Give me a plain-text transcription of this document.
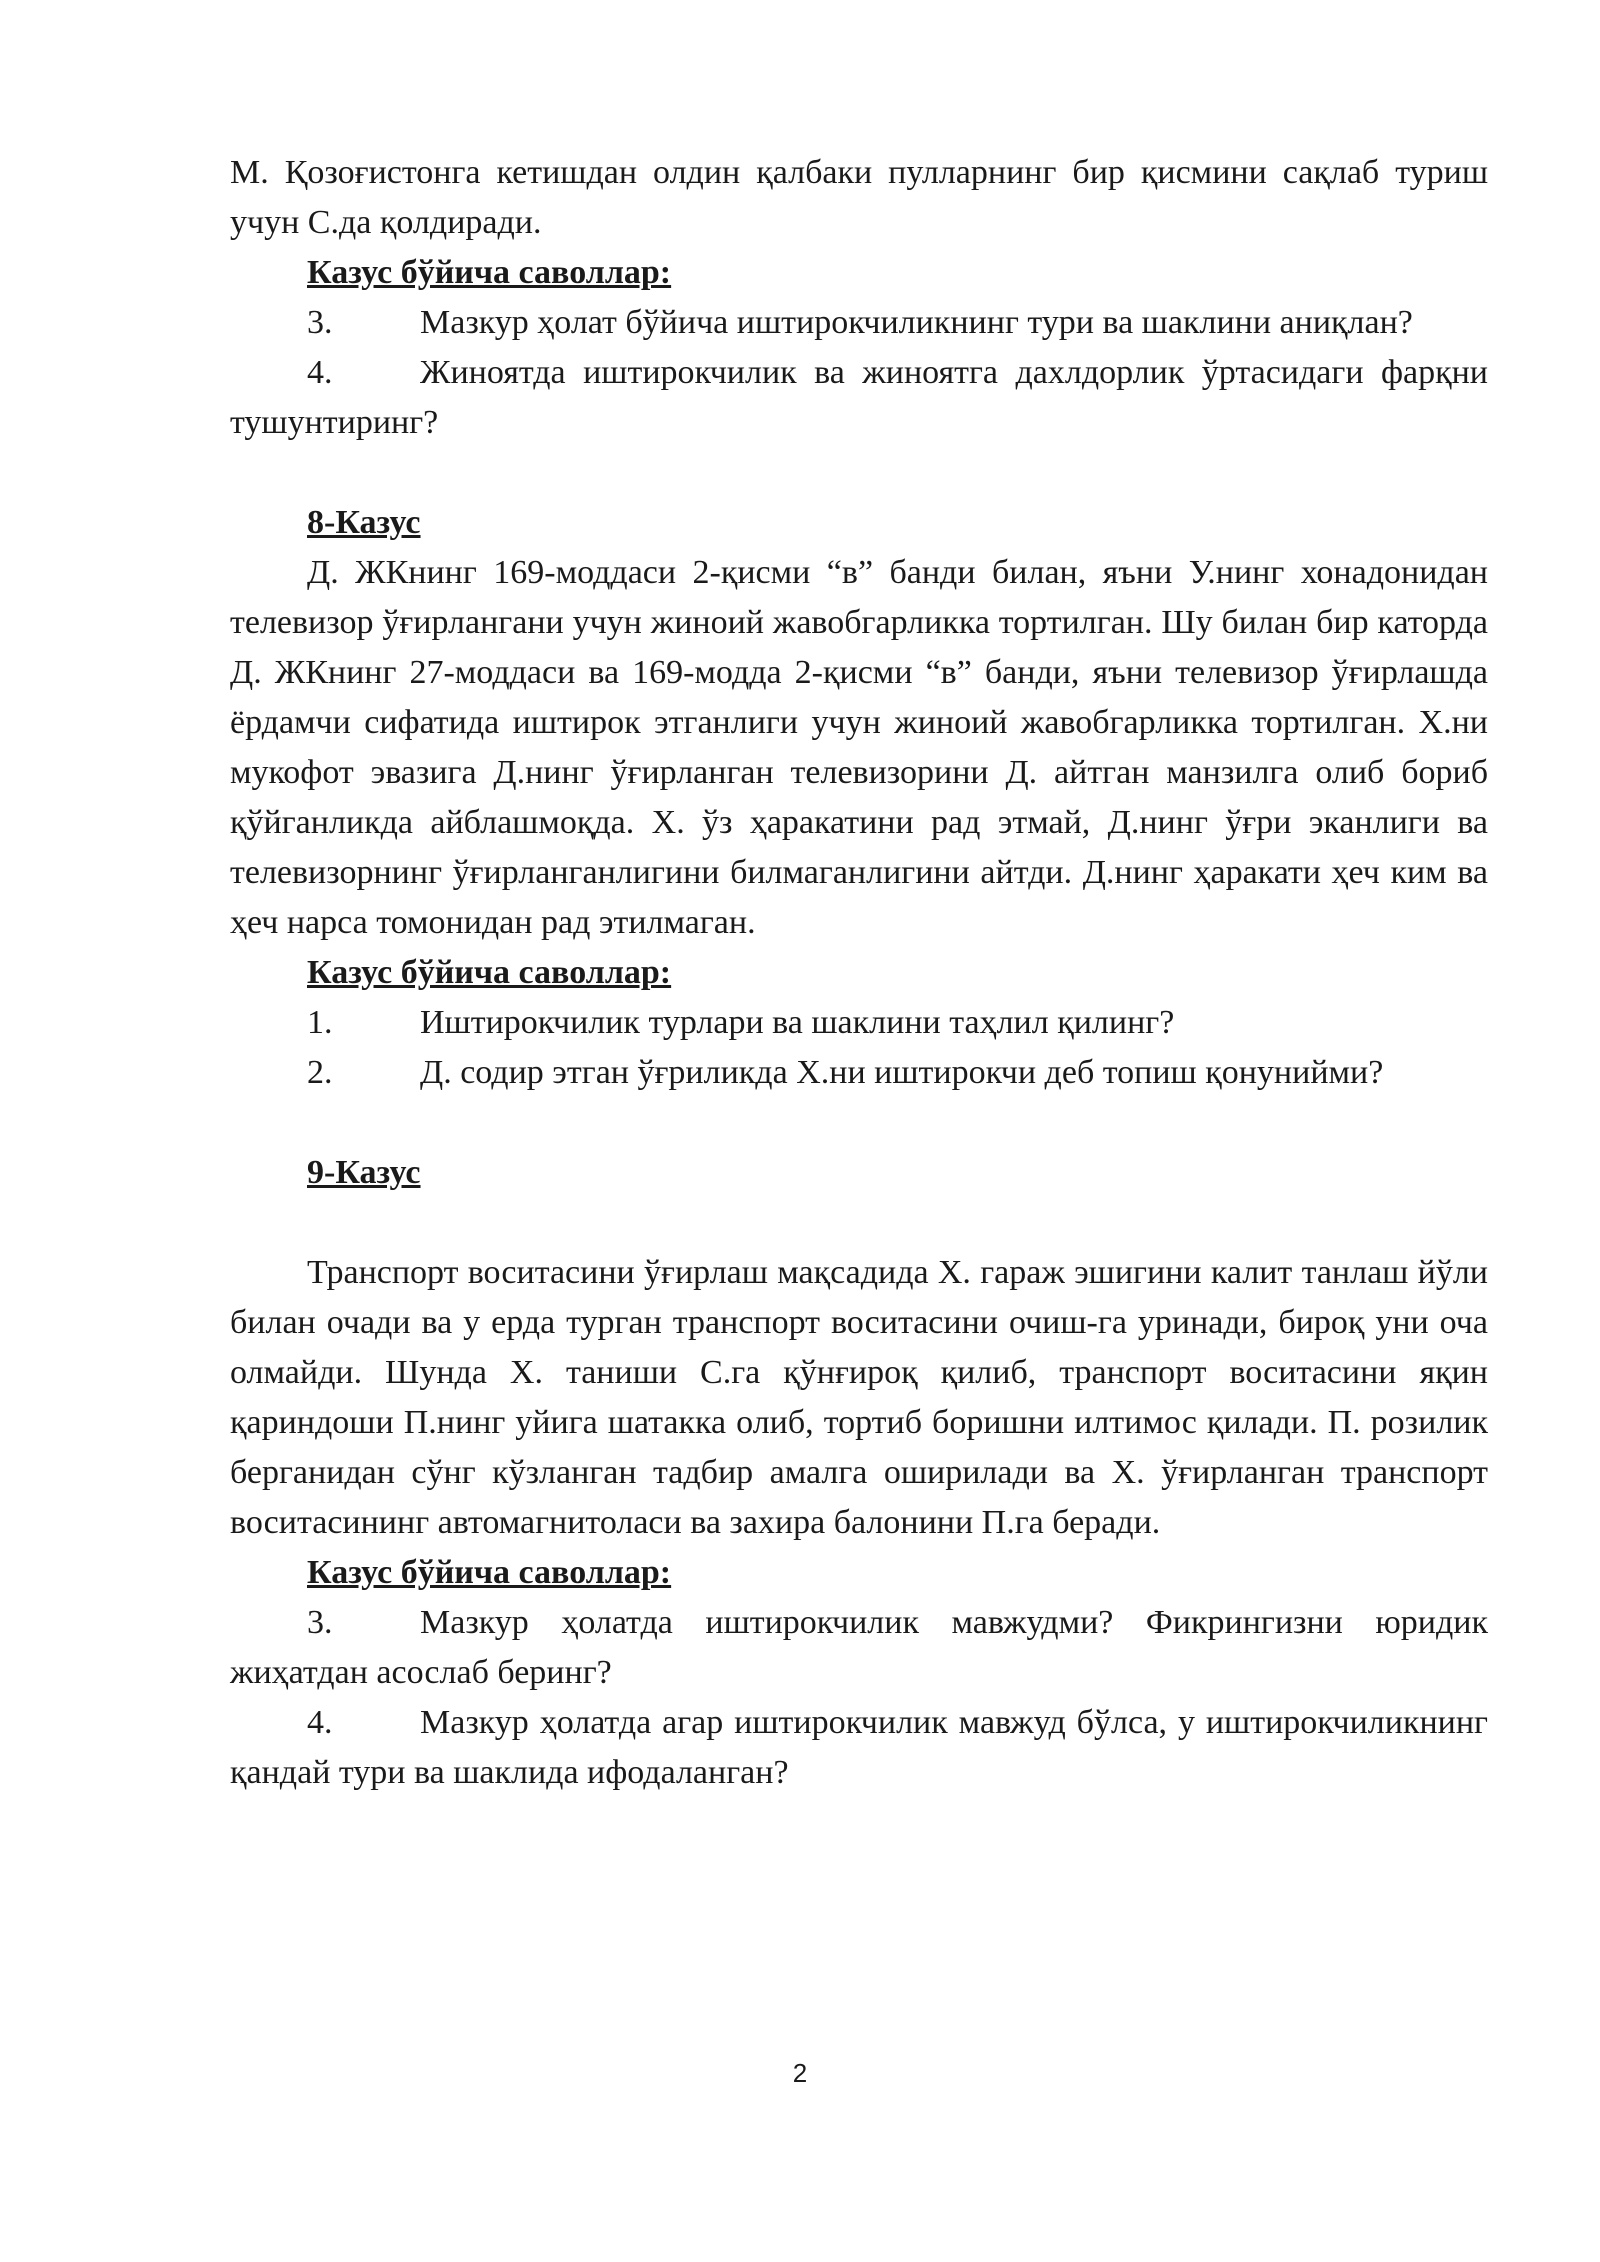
М. Қозоғистонга кетишдан олдин қалбаки пулларнинг бир қисмини сақлаб туриш учун С.да қолдиради.

Казус бўйича саволлар:

3.	Мазкур ҳолат бўйича иштирокчиликнинг тури ва шаклини аниқлан?

4.	Жиноятда иштирокчилик ва жиноятга дахлдорлик ўртасидаги фарқни тушунтиринг?

8-Казус

Д. ЖКнинг 169-моддаси 2-қисми “в” банди билан, яъни У.нинг хонадонидан телевизор ўғирлангани учун жиноий жавобгарликка тортилган. Шу билан бир каторда Д. ЖКнинг 27-моддаси ва 169-модда 2-қисми “в” банди, яъни телевизор ўғирлашда ёрдамчи сифатида иштирок этганлиги учун жиноий жавобгарликка тортилган. Х.ни мукофот эвазига Д.нинг ўғирланган телевизорини Д. айтган манзилга олиб бориб қўйганликда айблашмоқда. Х. ўз ҳаракатини рад этмай, Д.нинг ўғри эканлиги ва телевизорнинг ўғирланганлигини билмаганлигини айтди. Д.нинг ҳаракати ҳеч ким ва ҳеч нарса томонидан рад этилмаган.

Казус бўйича саволлар:

1.	Иштирокчилик турлари ва шаклини таҳлил қилинг?

2.	Д. содир этган ўғриликда Х.ни иштирокчи деб топиш қонунийми?

9-Казус

Транспорт воситасини ўғирлаш мақсадида Х. гараж эшигини калит танлаш йўли билан очади ва у ерда турган транспорт воситасини очиш-га уринади, бироқ уни оча олмайди. Шунда Х. таниши С.га қўнғироқ қилиб, транспорт воситасини яқин қариндоши П.нинг уйига шатакка олиб, тортиб боришни илтимос қилади. П. розилик берганидан сўнг кўзланган тадбир амалга оширилади ва Х. ўғирланган транспорт воситасининг автомагнитоласи ва захира балонини П.га беради.

Казус бўйича саволлар:

3.	Мазкур ҳолатда иштирокчилик мавжудми? Фикрингизни юридик жиҳатдан асослаб беринг?

4.	Мазкур ҳолатда агар иштирокчилик мавжуд бўлса, у иштирокчиликнинг қандай тури ва шаклида ифодаланган?

2
